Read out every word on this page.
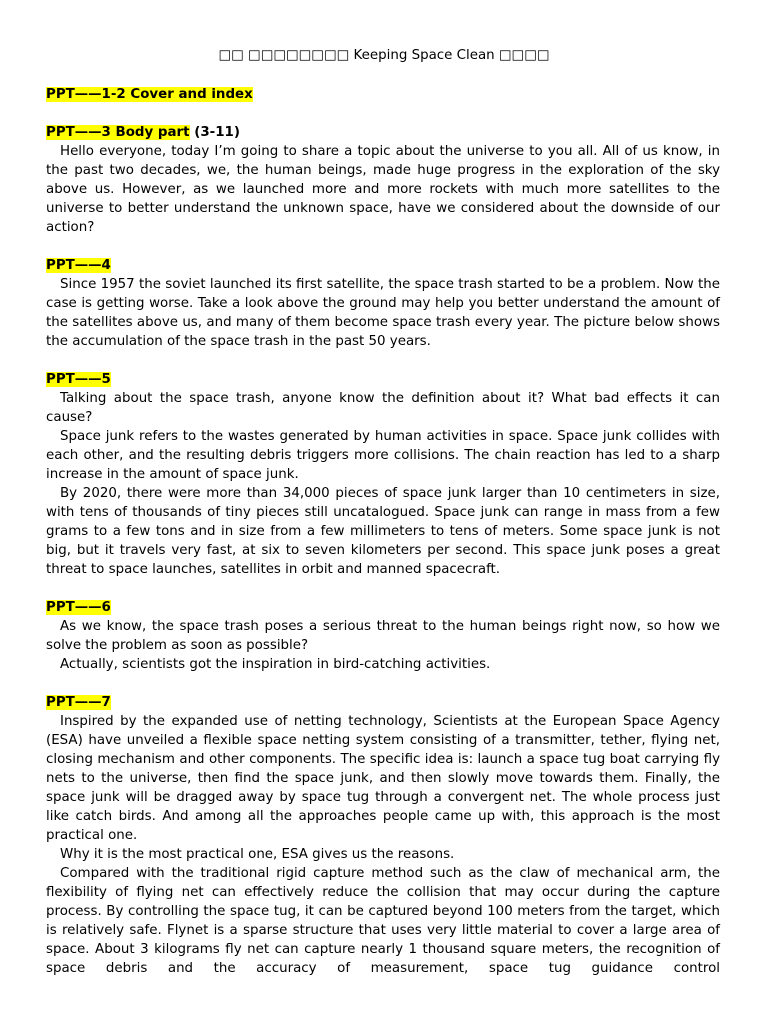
□□ □□□□□□□□ Keeping Space Clean □□□□

PPT——1-2 Cover and index

PPT——3 Body part (3-11)

Hello everyone, today I’m going to share a topic about the universe to you all. All of us know, in the past two decades, we, the human beings, made huge progress in the exploration of the sky above us. However, as we launched more and more rockets with much more satellites to the universe to better understand the unknown space, have we considered about the downside of our action?

PPT——4

Since 1957 the soviet launched its first satellite, the space trash started to be a problem. Now the case is getting worse. Take a look above the ground may help you better understand the amount of the satellites above us, and many of them become space trash every year. The picture below shows the accumulation of the space trash in the past 50 years.

PPT——5

Talking about the space trash, anyone know the definition about it? What bad effects it can cause?

Space junk refers to the wastes generated by human activities in space. Space junk collides with each other, and the resulting debris triggers more collisions. The chain reaction has led to a sharp increase in the amount of space junk.

By 2020, there were more than 34,000 pieces of space junk larger than 10 centimeters in size, with tens of thousands of tiny pieces still uncatalogued. Space junk can range in mass from a few grams to a few tons and in size from a few millimeters to tens of meters. Some space junk is not big, but it travels very fast, at six to seven kilometers per second. This space junk poses a great threat to space launches, satellites in orbit and manned spacecraft.

PPT——6

As we know, the space trash poses a serious threat to the human beings right now, so how we solve the problem as soon as possible?

Actually, scientists got the inspiration in bird-catching activities.

PPT——7

Inspired by the expanded use of netting technology, Scientists at the European Space Agency (ESA) have unveiled a flexible space netting system consisting of a transmitter, tether, flying net, closing mechanism and other components. The specific idea is: launch a space tug boat carrying fly nets to the universe, then find the space junk, and then slowly move towards them. Finally, the space junk will be dragged away by space tug through a convergent net. The whole process just like catch birds. And among all the approaches people came up with, this approach is the most practical one.

Why it is the most practical one, ESA gives us the reasons.

Compared with the traditional rigid capture method such as the claw of mechanical arm, the flexibility of flying net can effectively reduce the collision that may occur during the capture process. By controlling the space tug, it can be captured beyond 100 meters from the target, which is relatively safe. Flynet is a sparse structure that uses very little material to cover a large area of space. About 3 kilograms fly net can capture nearly 1 thousand square meters, the recognition of space debris and the accuracy of measurement, space tug guidance control
